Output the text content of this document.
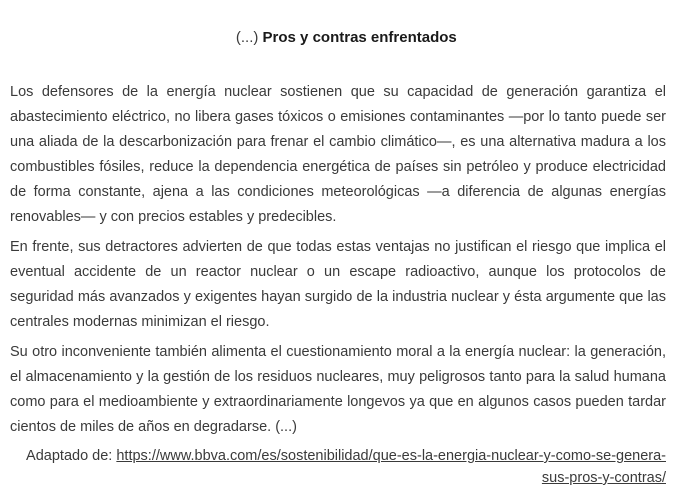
(...) Pros y contras enfrentados

Los defensores de la energía nuclear sostienen que su capacidad de generación garantiza el abastecimiento eléctrico, no libera gases tóxicos o emisiones contaminantes —por lo tanto puede ser una aliada de la descarbonización para frenar el cambio climático—, es una alternativa madura a los combustibles fósiles, reduce la dependencia energética de países sin petróleo y produce electricidad de forma constante, ajena a las condiciones meteorológicas —a diferencia de algunas energías renovables— y con precios estables y predecibles.

En frente, sus detractores advierten de que todas estas ventajas no justifican el riesgo que implica el eventual accidente de un reactor nuclear o un escape radioactivo, aunque los protocolos de seguridad más avanzados y exigentes hayan surgido de la industria nuclear y ésta argumente que las centrales modernas minimizan el riesgo.

Su otro inconveniente también alimenta el cuestionamiento moral a la energía nuclear: la generación, el almacenamiento y la gestión de los residuos nucleares, muy peligrosos tanto para la salud humana como para el medioambiente y extraordinariamente longevos ya que en algunos casos pueden tardar cientos de miles de años en degradarse. (...)

Adaptado de: https://www.bbva.com/es/sostenibilidad/que-es-la-energia-nuclear-y-como-se-genera-sus-pros-y-contras/
